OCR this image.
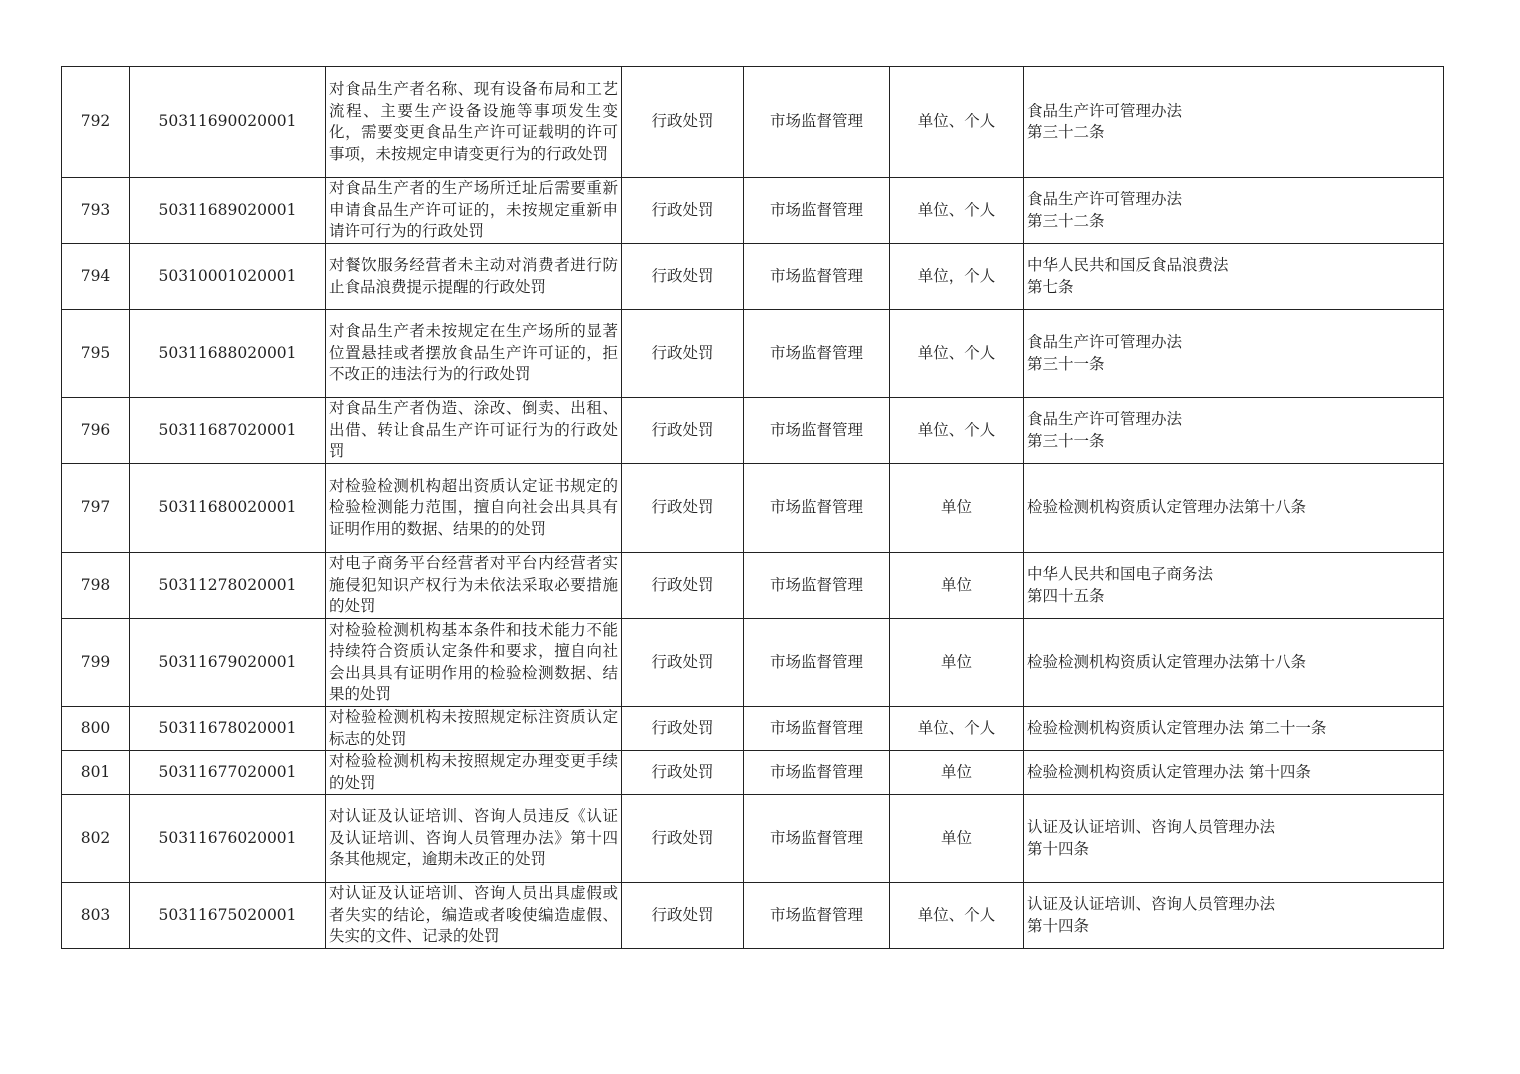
792	50311690020001	对食品生产者名称、现有设备布局和工艺流程、主要生产设备设施等事项发生变化，需要变更食品生产许可证载明的许可事项，未按规定申请变更行为的行政处罚	行政处罚	市场监督管理	单位、个人	食品生产许可管理办法
第三十二条
793	50311689020001	对食品生产者的生产场所迁址后需要重新申请食品生产许可证的，未按规定重新申请许可行为的行政处罚	行政处罚	市场监督管理	单位、个人	食品生产许可管理办法
第三十二条
794	50310001020001	对餐饮服务经营者未主动对消费者进行防止食品浪费提示提醒的行政处罚	行政处罚	市场监督管理	单位，个人	中华人民共和国反食品浪费法
第七条
795	50311688020001	对食品生产者未按规定在生产场所的显著位置悬挂或者摆放食品生产许可证的，拒不改正的违法行为的行政处罚	行政处罚	市场监督管理	单位、个人	食品生产许可管理办法
第三十一条
796	50311687020001	对食品生产者伪造、涂改、倒卖、出租、出借、转让食品生产许可证行为的行政处罚	行政处罚	市场监督管理	单位、个人	食品生产许可管理办法
第三十一条
797	50311680020001	对检验检测机构超出资质认定证书规定的检验检测能力范围，擅自向社会出具具有证明作用的数据、结果的的处罚	行政处罚	市场监督管理	单位	检验检测机构资质认定管理办法第十八条
798	50311278020001	对电子商务平台经营者对平台内经营者实施侵犯知识产权行为未依法采取必要措施的处罚	行政处罚	市场监督管理	单位	中华人民共和国电子商务法
第四十五条
799	50311679020001	对检验检测机构基本条件和技术能力不能持续符合资质认定条件和要求，擅自向社会出具具有证明作用的检验检测数据、结果的处罚	行政处罚	市场监督管理	单位	检验检测机构资质认定管理办法第十八条
800	50311678020001	对检验检测机构未按照规定标注资质认定标志的处罚	行政处罚	市场监督管理	单位、个人	检验检测机构资质认定管理办法 第二十一条
801	50311677020001	对检验检测机构未按照规定办理变更手续的处罚	行政处罚	市场监督管理	单位	检验检测机构资质认定管理办法 第十四条
802	50311676020001	对认证及认证培训、咨询人员违反《认证及认证培训、咨询人员管理办法》第十四条其他规定，逾期未改正的处罚	行政处罚	市场监督管理	单位	认证及认证培训、咨询人员管理办法
第十四条
803	50311675020001	对认证及认证培训、咨询人员出具虚假或者失实的结论，编造或者唆使编造虚假、失实的文件、记录的处罚	行政处罚	市场监督管理	单位、个人	认证及认证培训、咨询人员管理办法
第十四条
